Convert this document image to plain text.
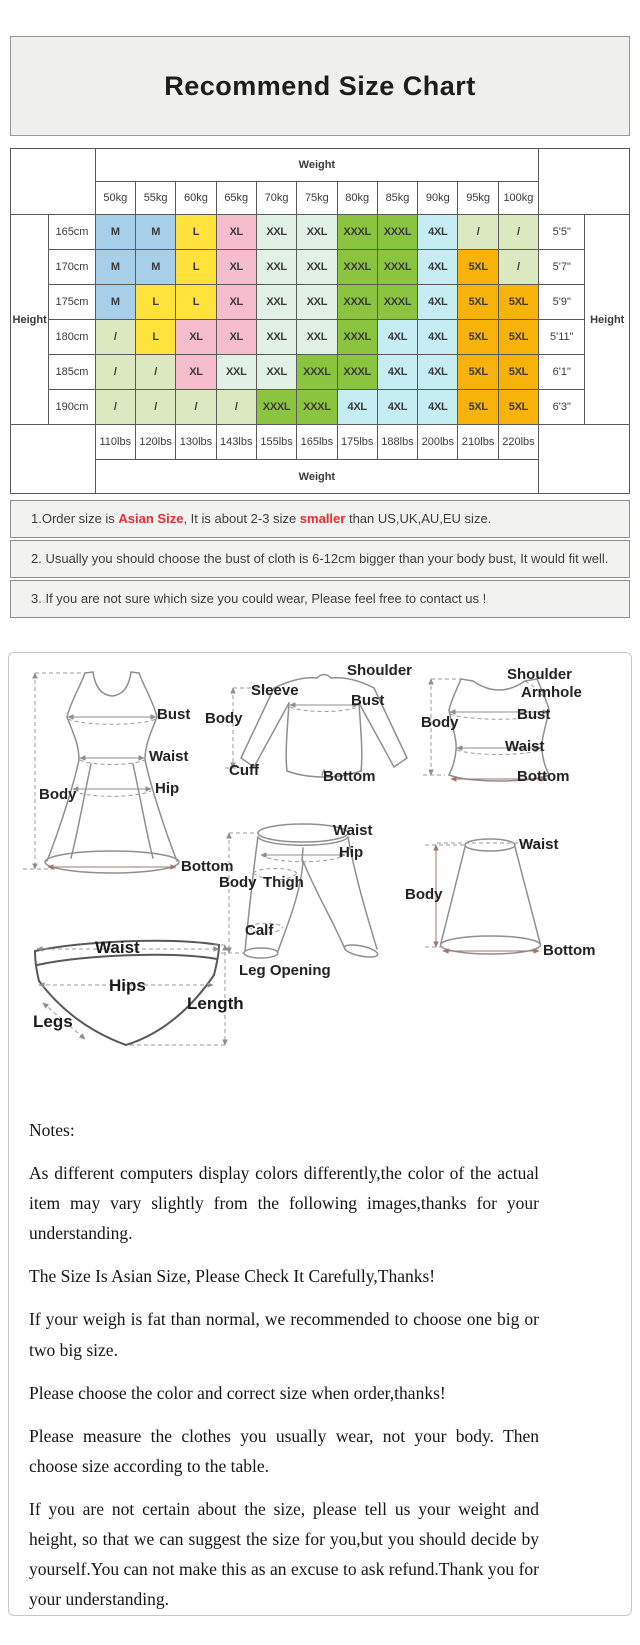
Recommend Size Chart
		Weight												
		50kg	55kg	60kg	65kg	70kg	75kg	80kg	85kg	90kg	95kg	100kg		
Height	165cm	M	M	L	XL	XXL	XXL	XXXL	XXXL	4XL	/	/	5'5"	Height
	170cm	M	M	L	XL	XXL	XXL	XXXL	XXXL	4XL	5XL	/	5'7"	
	175cm	M	L	L	XL	XXL	XXL	XXXL	XXXL	4XL	5XL	5XL	5'9"	
	180cm	/	L	XL	XL	XXL	XXL	XXXL	4XL	4XL	5XL	5XL	5'11"	
	185cm	/	/	XL	XXL	XXL	XXXL	XXXL	4XL	4XL	5XL	5XL	6'1"	
	190cm	/	/	/	/	XXXL	XXXL	4XL	4XL	4XL	5XL	5XL	6'3"	
		110lbs	120lbs	130lbs	143lbs	155lbs	165lbs	175lbs	188lbs	200lbs	210lbs	220lbs		
		Weight												
1.Order size is Asian Size, It is about 2-3 size smaller than US,UK,AU,EU size.
2. Usually you should choose the bust of cloth is 6-12cm bigger than your body bust, It would fit well.
3. If you are not sure which size you could wear, Please feel free to contact us !
Bust
Waist
Hip
Body
Bottom
Shoulder
Sleeve
Body
Bust
Cuff	Bottom
Shoulder
Armhole
Bust
Waist
Bottom
Body
Waist
Hip
Body Thigh
Calf
Leg Opening
Waist
Hips
Legs
Length
Waist
Body
Bottom

Notes:

As different computers display colors differently,the color of the actual item may vary slightly from the following images,thanks for your understanding.

The Size Is Asian Size, Please Check It Carefully,Thanks!

If your weigh is fat than normal, we recommended to choose one big or two big size.

Please choose the color and correct size when order,thanks!

Please measure the clothes you usually wear, not your body. Then choose size according to the table.

If you are not certain about the size, please tell us your weight and height, so that we can suggest the size for you,but you should decide by yourself.You can not make this as an excuse to ask refund.Thank you for your understanding.
